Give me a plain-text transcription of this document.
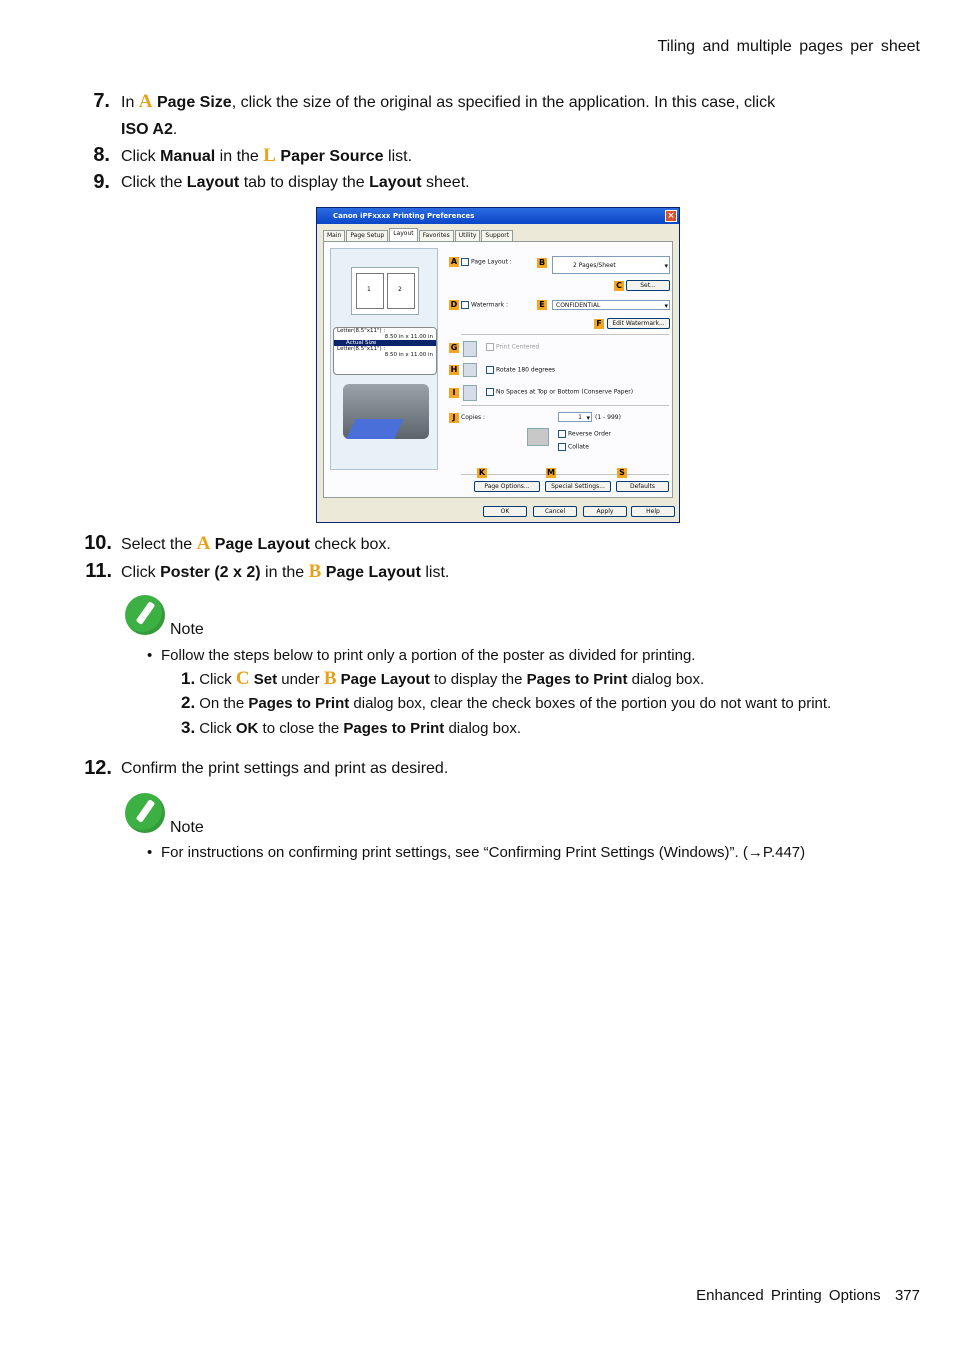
Tiling and multiple pages per sheet
7. In A Page Size, click the size of the original as specified in the application. In this case, click
ISO A2.
8. Click Manual in the L Paper Source list.
9. Click the Layout tab to display the Layout sheet.
Canon iPFxxxx Printing Preferences	×
Main	Page Setup	Layout	Favorites	Utility	Support
1	2
Letter(8.5"x11") :
8.50 in x 11.00 in
Actual Size
Letter(8.5"x11") :
8.50 in x 11.00 in
A	Page Layout :	B	2 Pages/Sheet ▾
C	Set...
D	Watermark :	E	CONFIDENTIAL ▾
F	Edit Watermark...
G	Print Centered
H	Rotate 180 degrees
I	No Spaces at Top or Bottom (Conserve Paper)
J Copies :	1 ▾	(1 - 999)
Reverse Order
Collate
K	M	S
Page Options...	Special Settings...	Defaults
OK	Cancel	Apply	Help
10. Select the A Page Layout check box.
11. Click Poster (2 x 2) in the B Page Layout list.
Note
• Follow the steps below to print only a portion of the poster as divided for printing.
1. Click C Set under B Page Layout to display the Pages to Print dialog box.
2. On the Pages to Print dialog box, clear the check boxes of the portion you do not want to print.
3. Click OK to close the Pages to Print dialog box.
12. Confirm the print settings and print as desired.
Note
• For instructions on confirming print settings, see “Confirming Print Settings (Windows)”. (→P.447)
Enhanced Printing Options 377
